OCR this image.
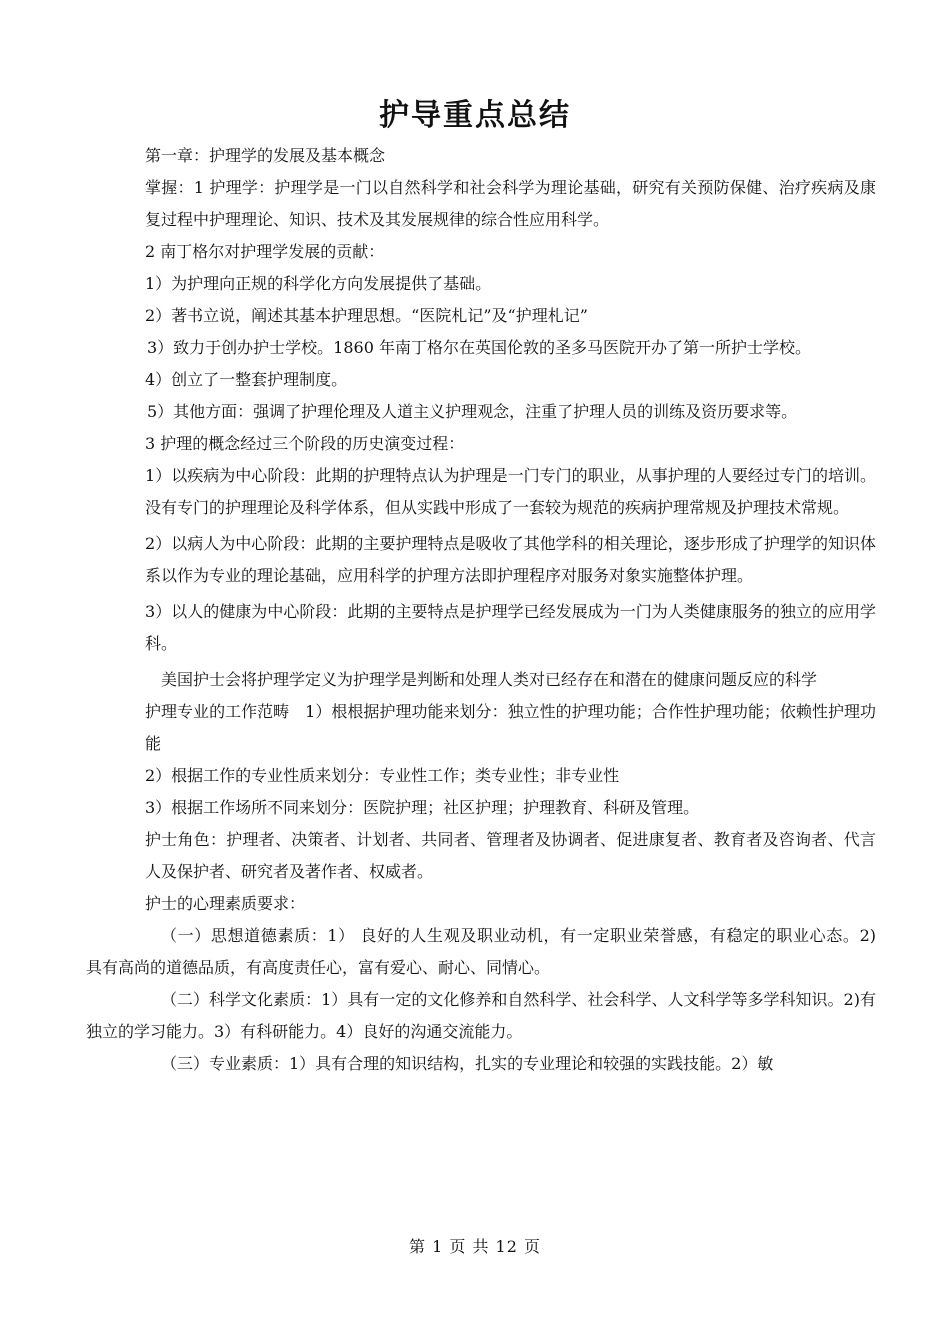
护导重点总结

第一章：护理学的发展及基本概念

掌握：1 护理学：护理学是一门以自然科学和社会科学为理论基础，研究有关预防保健、治疗疾病及康复过程中护理理论、知识、技术及其发展规律的综合性应用科学。

2 南丁格尔对护理学发展的贡献：

1）为护理向正规的科学化方向发展提供了基础。

2）著书立说，阐述其基本护理思想。“医院札记”及“护理札记”

3）致力于创办护士学校。1860 年南丁格尔在英国伦敦的圣多马医院开办了第一所护士学校。

4）创立了一整套护理制度。

5）其他方面：强调了护理伦理及人道主义护理观念，注重了护理人员的训练及资历要求等。

3 护理的概念经过三个阶段的历史演变过程：

1）以疾病为中心阶段：此期的护理特点认为护理是一门专门的职业，从事护理的人要经过专门的培训。没有专门的护理理论及科学体系，但从实践中形成了一套较为规范的疾病护理常规及护理技术常规。

2）以病人为中心阶段：此期的主要护理特点是吸收了其他学科的相关理论，逐步形成了护理学的知识体系以作为专业的理论基础，应用科学的护理方法即护理程序对服务对象实施整体护理。

3）以人的健康为中心阶段：此期的主要特点是护理学已经发展成为一门为人类健康服务的独立的应用学科。

美国护士会将护理学定义为护理学是判断和处理人类对已经存在和潜在的健康问题反应的科学

护理专业的工作范畴　1）根根据护理功能来划分：独立性的护理功能；合作性护理功能；依赖性护理功能

2）根据工作的专业性质来划分：专业性工作；类专业性；非专业性

3）根据工作场所不同来划分：医院护理；社区护理；护理教育、科研及管理。

护士角色：护理者、决策者、计划者、共同者、管理者及协调者、促进康复者、教育者及咨询者、代言人及保护者、研究者及著作者、权威者。

护士的心理素质要求：

（一）思想道德素质：1） 良好的人生观及职业动机，有一定职业荣誉感，有稳定的职业心态。2)　　　　 具有高尚的道德品质，有高度责任心，富有爱心、耐心、同情心。

（二）科学文化素质：1）具有一定的文化修养和自然科学、社会科学、人文科学等多学科知识。2)有独立的学习能力。3）有科研能力。4）良好的沟通交流能力。

（三）专业素质：1）具有合理的知识结构，扎实的专业理论和较强的实践技能。2）敏

第 1 页 共 12 页
